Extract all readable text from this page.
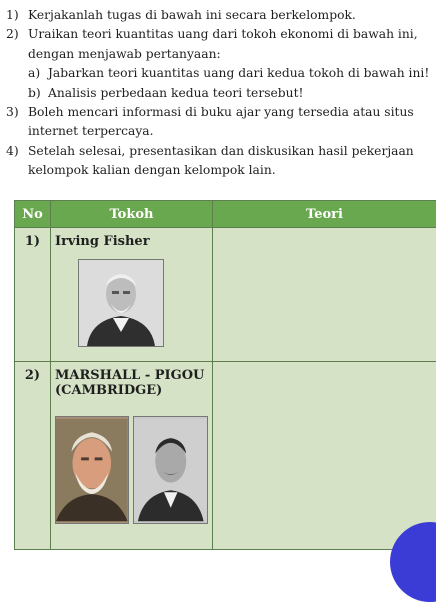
1) Kerjakanlah tugas di bawah ini secara berkelompok.
2) Uraikan teori kuantitas uang dari tokoh ekonomi di bawah ini, dengan menjawab pertanyaan:
a) Jabarkan teori kuantitas uang dari kedua tokoh di bawah ini!
b) Analisis perbedaan kedua teori tersebut!
3) Boleh mencari informasi di buku ajar yang tersedia atau situs internet terpercaya.
4) Setelah selesai, presentasikan dan diskusikan hasil pekerjaan kelompok kalian dengan kelompok lain.
No	Tokoh	Teori
1)	Irving Fisher	

2)	MARSHALL - PIGOU (CAMBRIDGE)	
